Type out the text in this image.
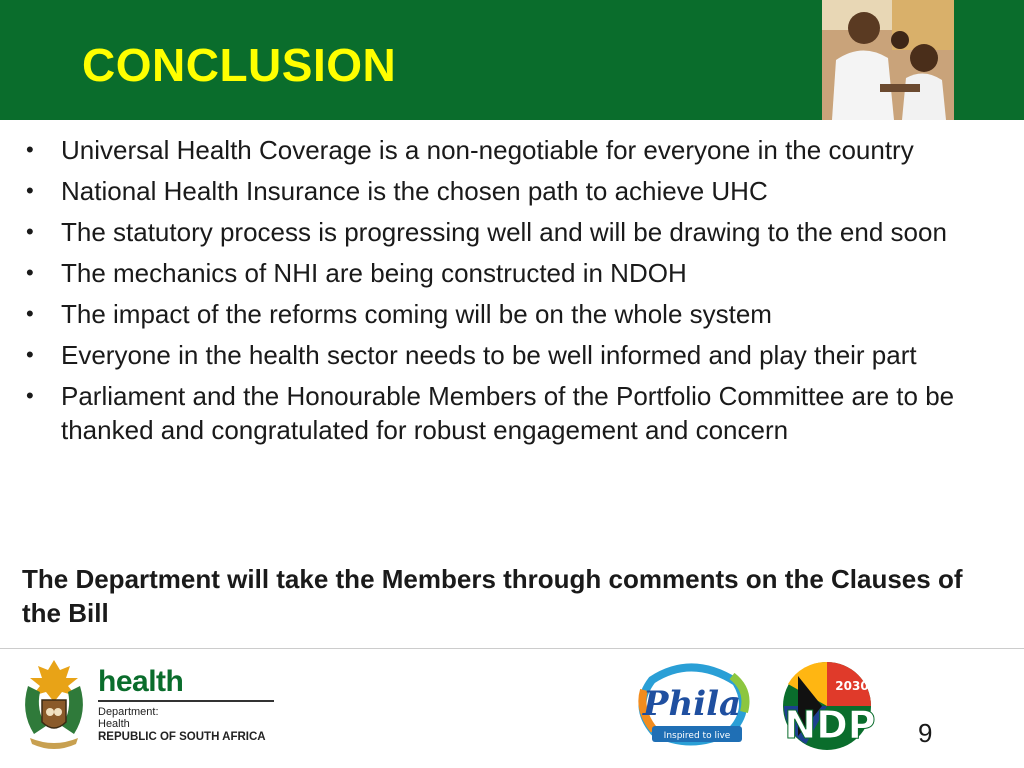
CONCLUSION
• Universal Health Coverage is a non-negotiable for everyone in the country
• National Health Insurance is the chosen path to achieve UHC
• The statutory process is progressing well and will be drawing to the end soon
• The mechanics of NHI are being constructed in NDOH
• The impact of the reforms coming will be on the whole system
• Everyone in the health sector needs to be well informed and play their part
• Parliament and the Honourable Members of the Portfolio Committee are to be thanked and congratulated for robust engagement and concern
The Department will take the Members through comments on the Clauses of the Bill
health
Department:
Health
REPUBLIC OF SOUTH AFRICA
Phila
Inspired to live
2030
NDP 9
